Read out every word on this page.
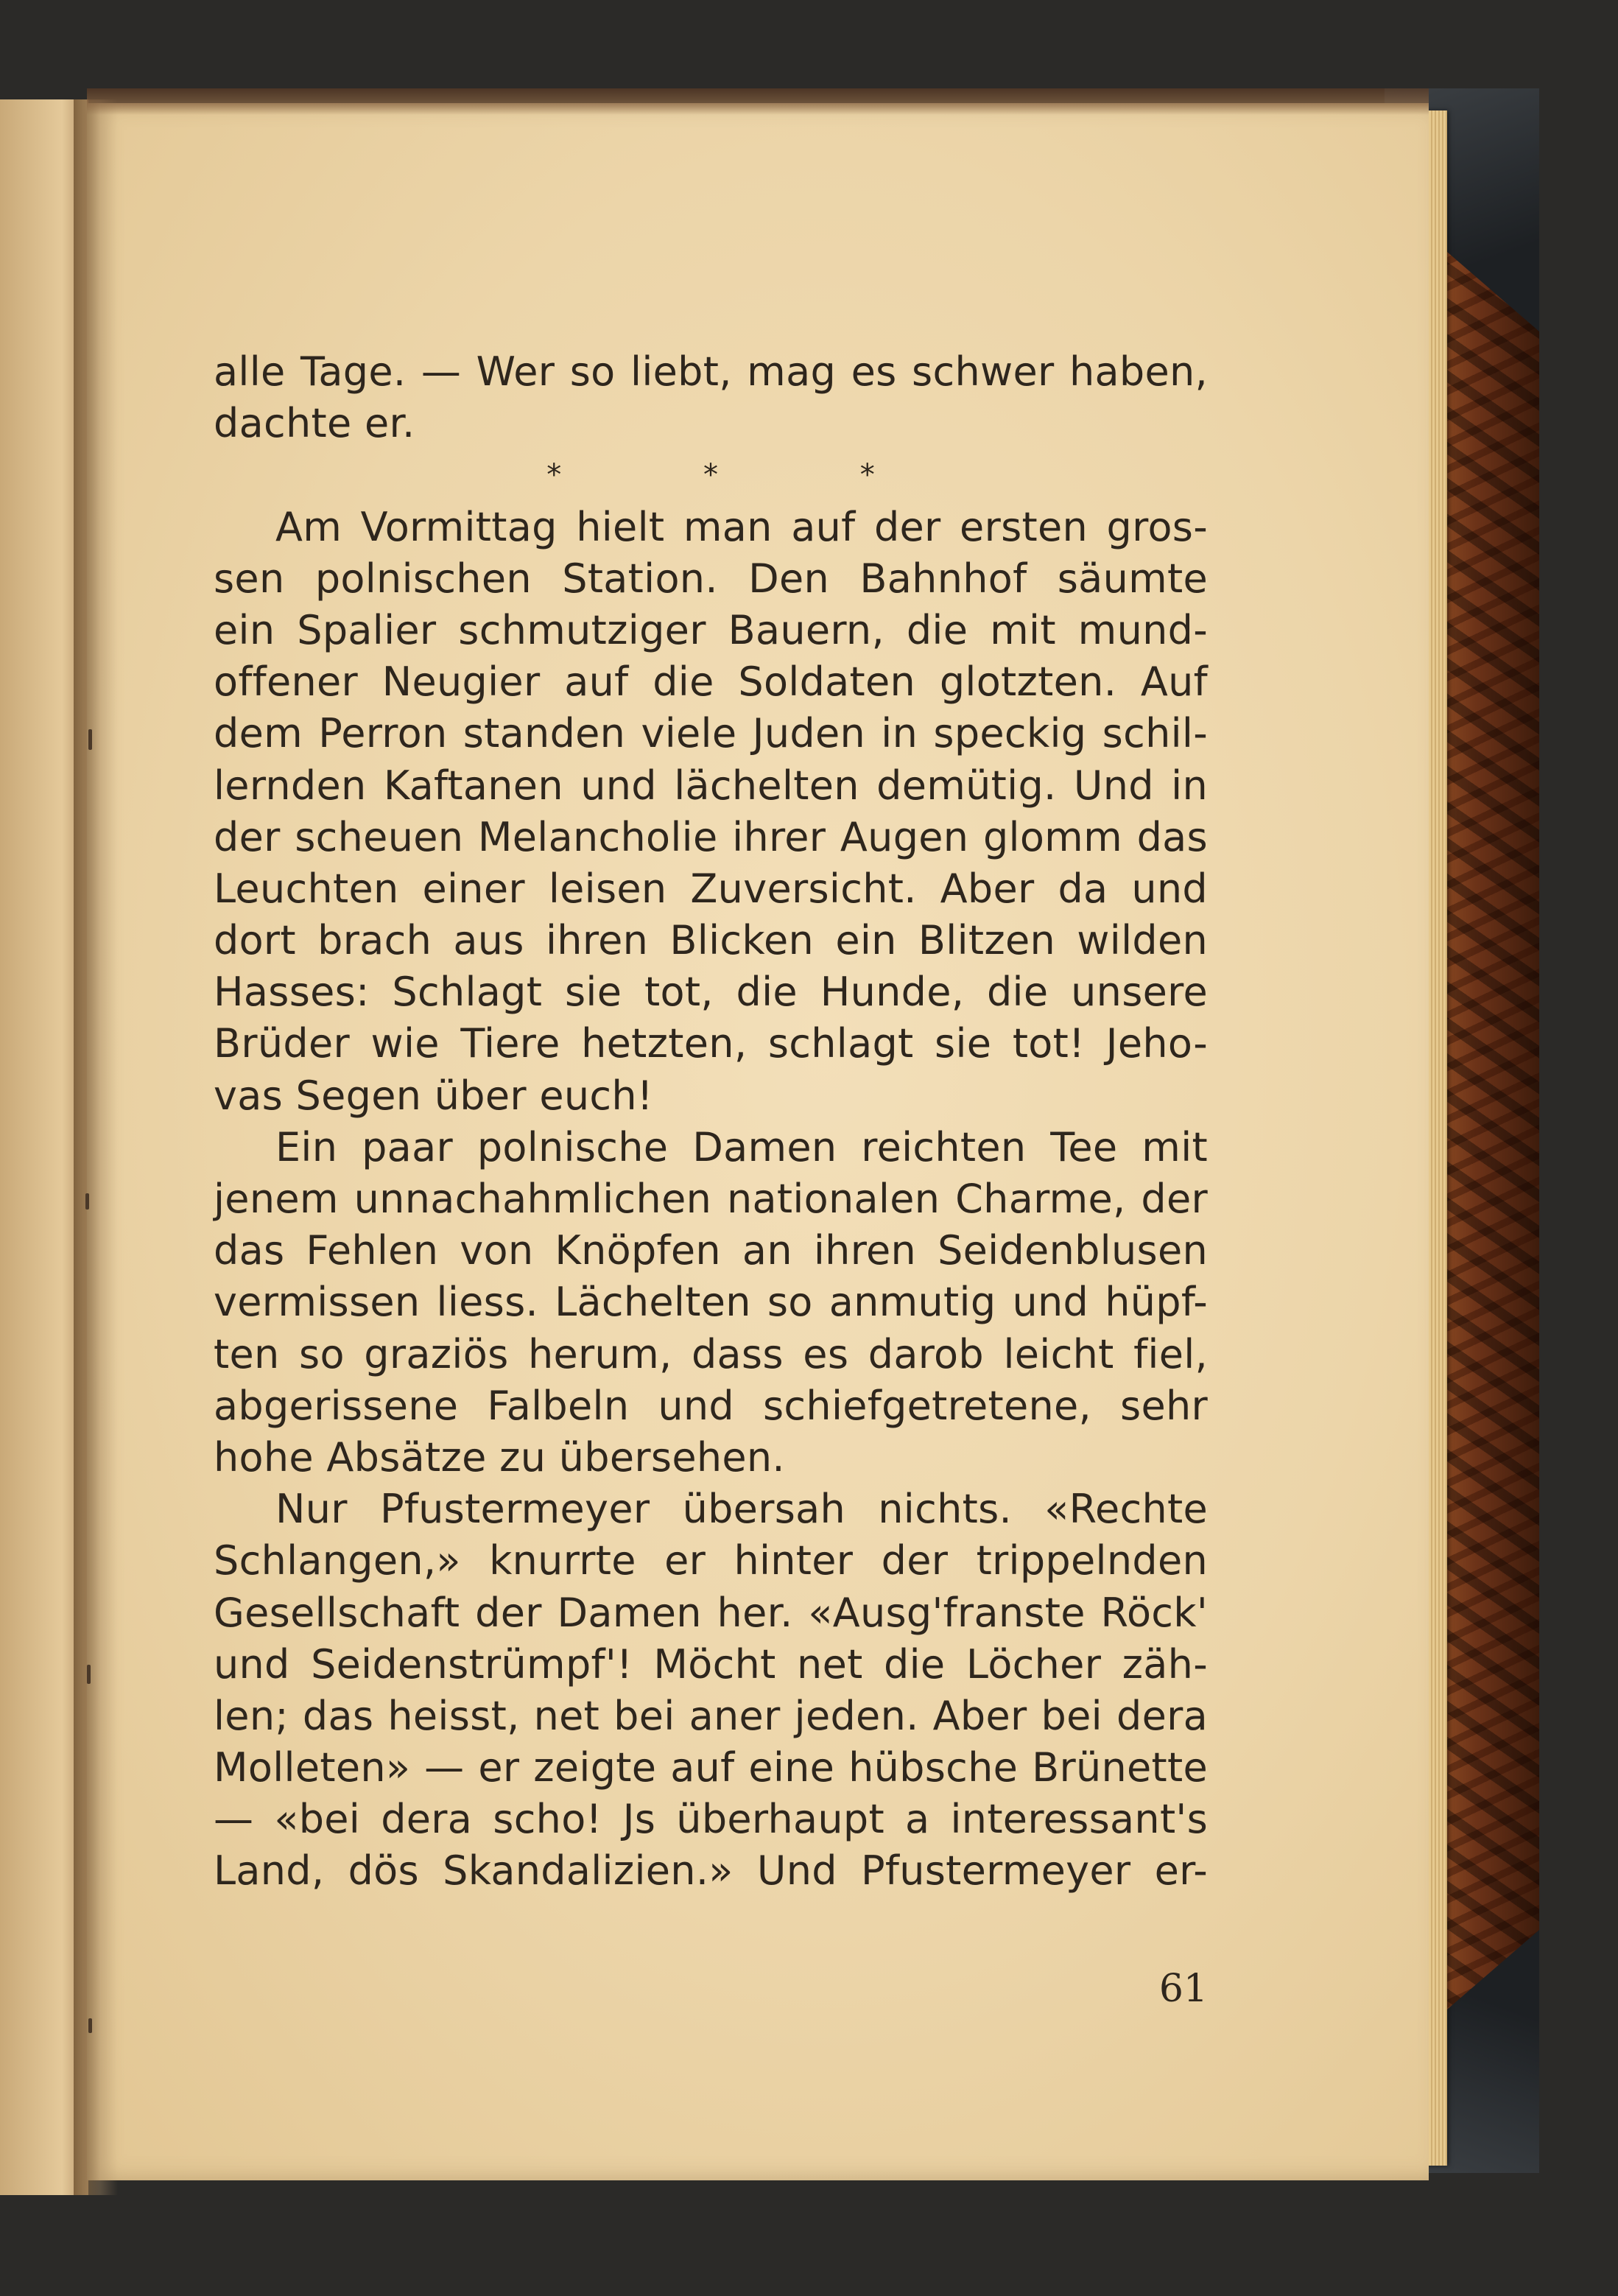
alle Tage. — Wer so liebt, mag es schwer haben,
dachte er.
* * *
Am Vormittag hielt man auf der ersten gros-
sen polnischen Station. Den Bahnhof säumte
ein Spalier schmutziger Bauern, die mit mund-
offener Neugier auf die Soldaten glotzten. Auf
dem Perron standen viele Juden in speckig schil-
lernden Kaftanen und lächelten demütig. Und in
der scheuen Melancholie ihrer Augen glomm das
Leuchten einer leisen Zuversicht. Aber da und
dort brach aus ihren Blicken ein Blitzen wilden
Hasses: Schlagt sie tot, die Hunde, die unsere
Brüder wie Tiere hetzten, schlagt sie tot! Jeho-
vas Segen über euch!
Ein paar polnische Damen reichten Tee mit
jenem unnachahmlichen nationalen Charme, der
das Fehlen von Knöpfen an ihren Seidenblusen
vermissen liess. Lächelten so anmutig und hüpf-
ten so graziös herum, dass es darob leicht fiel,
abgerissene Falbeln und schiefgetretene, sehr
hohe Absätze zu übersehen.
Nur Pfustermeyer übersah nichts. «Rechte
Schlangen,» knurrte er hinter der trippelnden
Gesellschaft der Damen her. «Ausg'franste Röck'
und Seidenstrümpf'! Möcht net die Löcher zäh-
len; das heisst, net bei aner jeden. Aber bei dera
Molleten» — er zeigte auf eine hübsche Brünette
— «bei dera scho! Js überhaupt a interessant's
Land, dös Skandalizien.» Und Pfustermeyer er-
61
